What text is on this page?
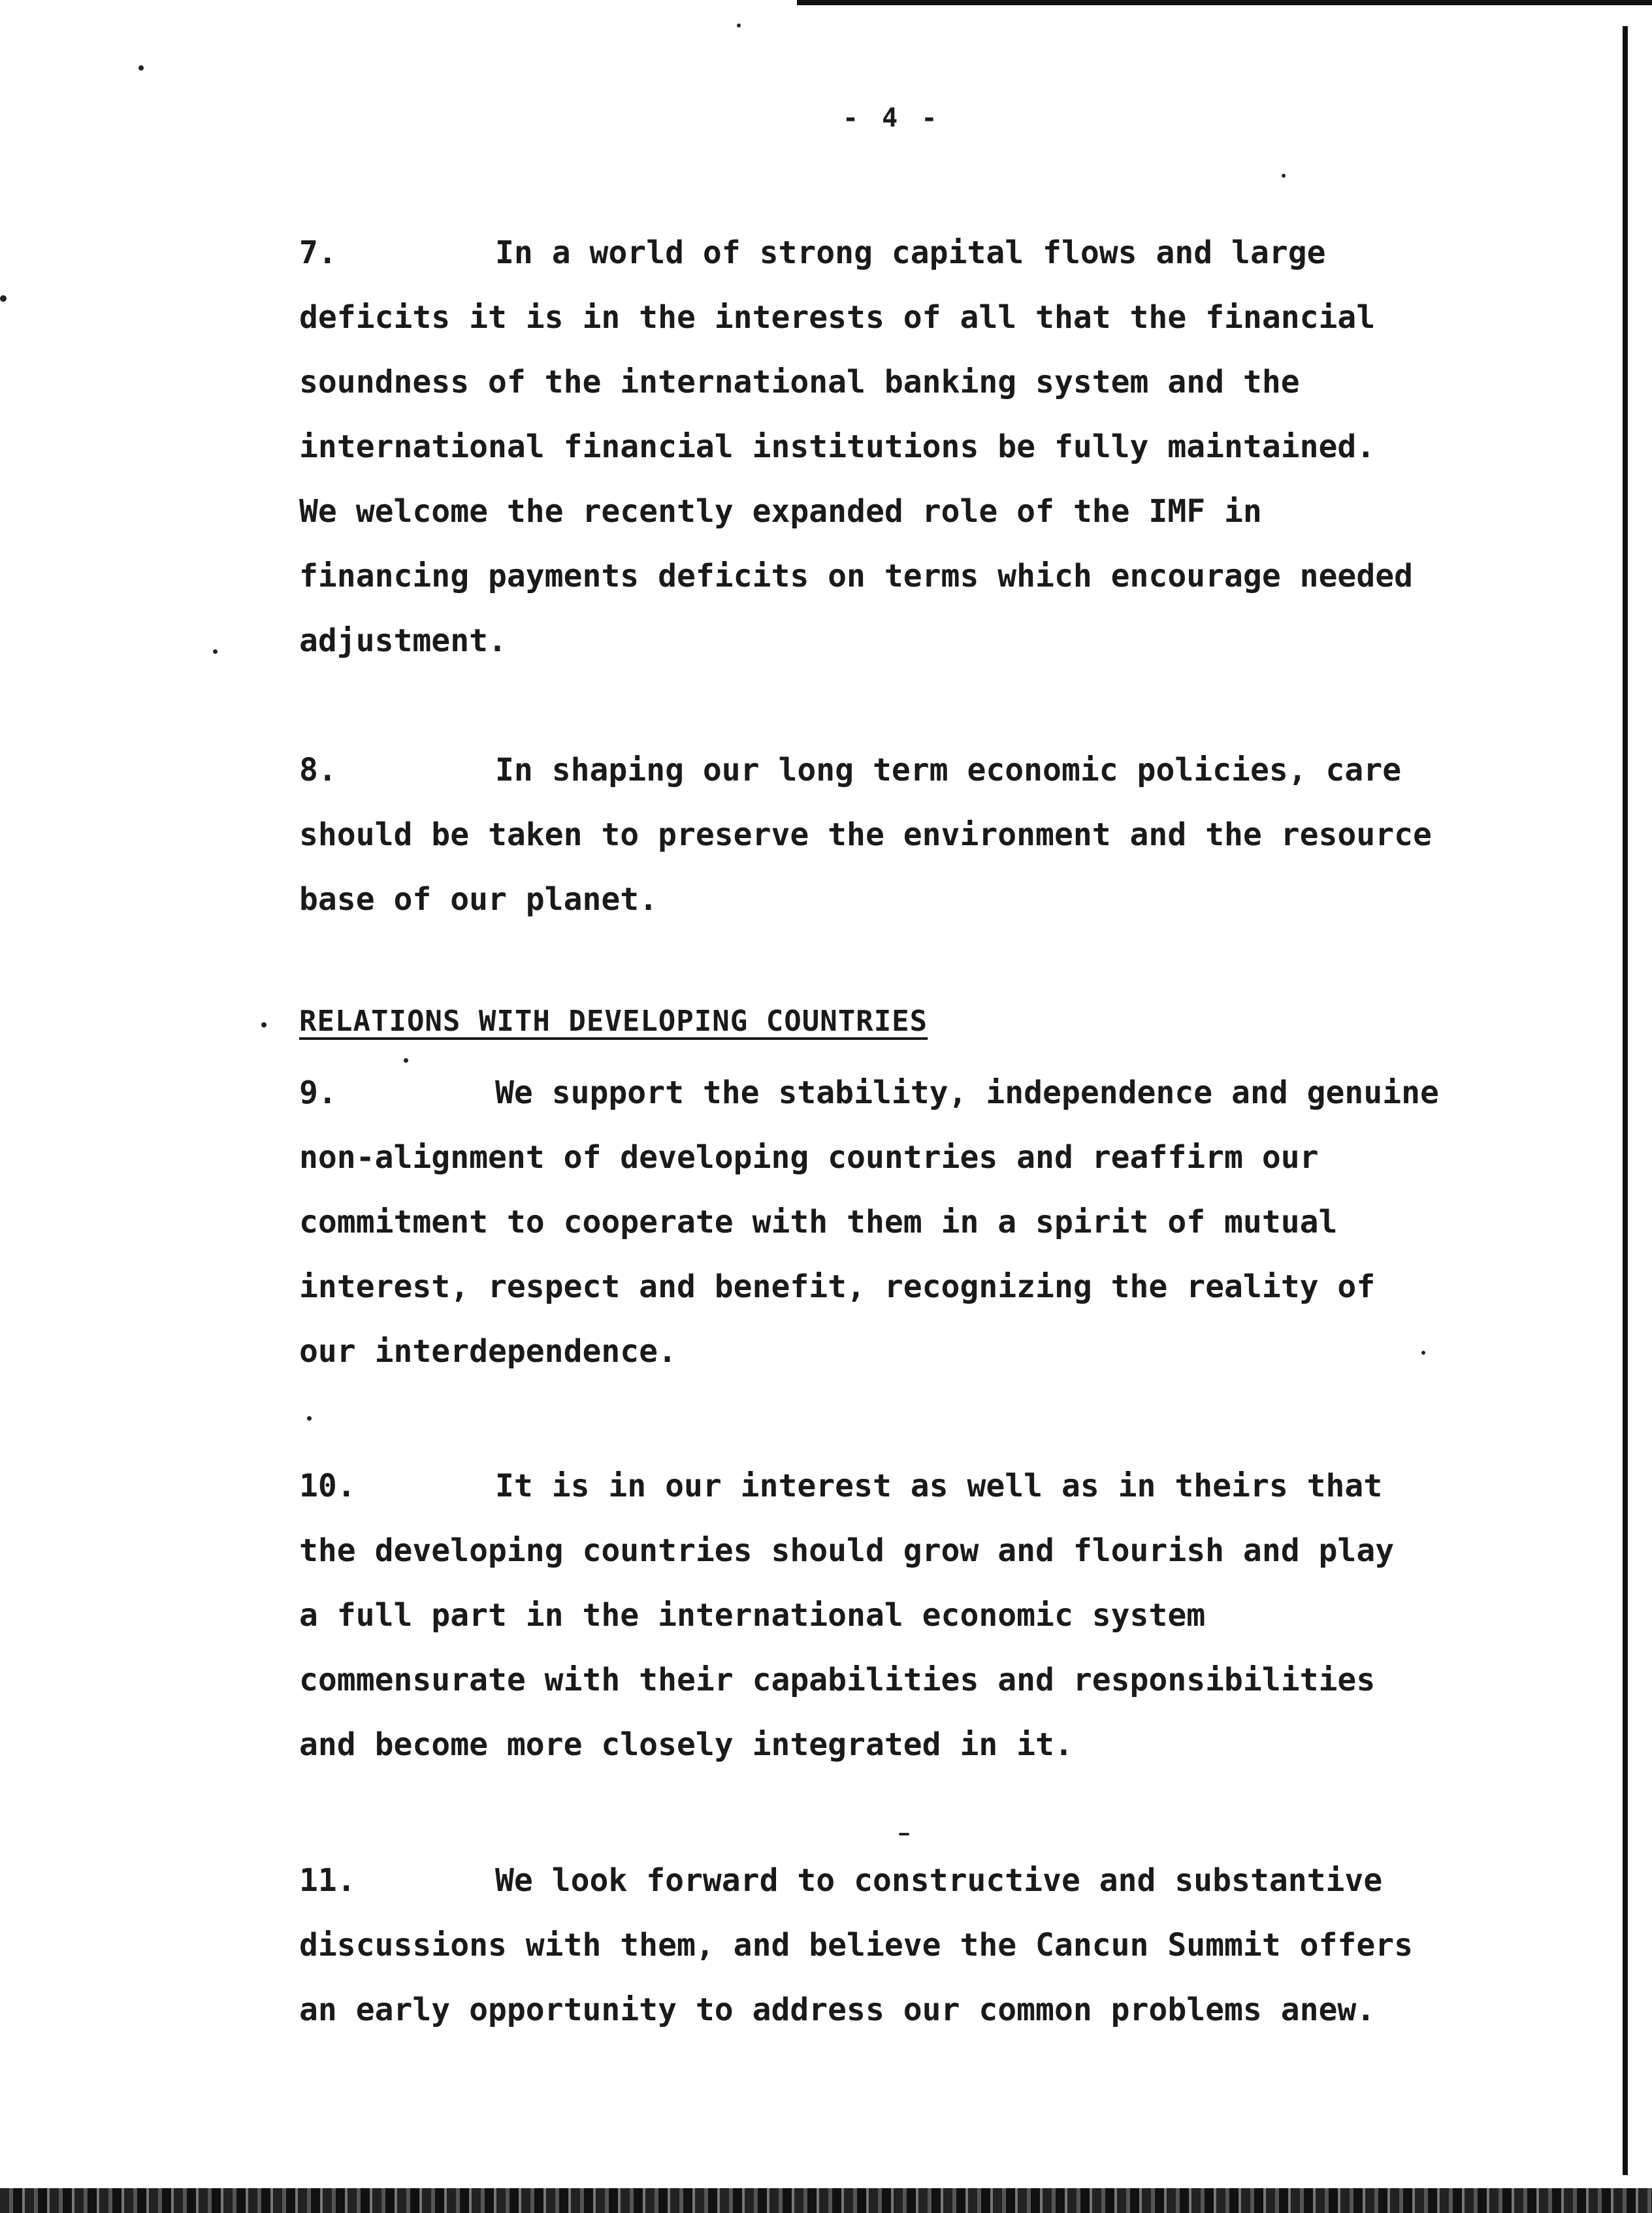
- 4 -
7.	In a world of strong capital flows and large
deficits it is in the interests of all that the financial
soundness of the international banking system and the
international financial institutions be fully maintained.
We welcome the recently expanded role of the IMF in
financing payments deficits on terms which encourage needed
adjustment.
8.	In shaping our long term economic policies, care
should be taken to preserve the environment and the resource
base of our planet.
RELATIONS WITH DEVELOPING COUNTRIES
9.	We support the stability, independence and genuine
non-alignment of developing countries and reaffirm our
commitment to cooperate with them in a spirit of mutual
interest, respect and benefit, recognizing the reality of
our interdependence.
10.	It is in our interest as well as in theirs that
the developing countries should grow and flourish and play
a full part in the international economic system
commensurate with their capabilities and responsibilities
and become more closely integrated in it.
11.	We look forward to constructive and substantive
discussions with them, and believe the Cancun Summit offers
an early opportunity to address our common problems anew.
